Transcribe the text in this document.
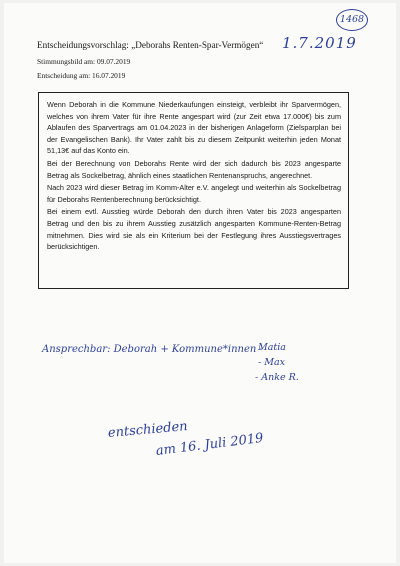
1468
1.7.2019
Entscheidungsvorschlag: „Deborahs Renten-Spar-Vermögen“
Stimmungsbild am: 09.07.2019
Entscheidung am: 16.07.2019

Wenn Deborah in die Kommune Niederkaufungen einsteigt, verbleibt ihr Sparvermögen, welches von ihrem Vater für ihre Rente angespart wird (zur Zeit etwa 17.000€) bis zum Ablaufen des Sparvertrags am 01.04.2023 in der bisherigen Anlageform (Zielsparplan bei der Evangelischen Bank). Ihr Vater zahlt bis zu diesem Zeitpunkt weiterhin jeden Monat 51,13€ auf das Konto ein.

Bei der Berechnung von Deborahs Rente wird der sich dadurch bis 2023 angesparte Betrag als Sockelbetrag, ähnlich eines staatlichen Rentenanspruchs, angerechnet.

Nach 2023 wird dieser Betrag im Komm-Alter e.V. angelegt und weiterhin als Sockelbetrag für Deborahs Rentenberechnung berücksichtigt.

Bei einem evtl. Ausstieg würde Deborah den durch ihren Vater bis 2023 angesparten Betrag und den bis zu ihrem Ausstieg zusätzlich angesparten Kommune-Renten-Betrag mitnehmen. Dies wird sie als ein Kriterium bei der Festlegung ihres Ausstiegsvertrages berücksichtigen.

Ansprechbar: Deborah + Kommune*innen -
Matia
- Max
- Anke R.
entschieden
am 16. Juli 2019
